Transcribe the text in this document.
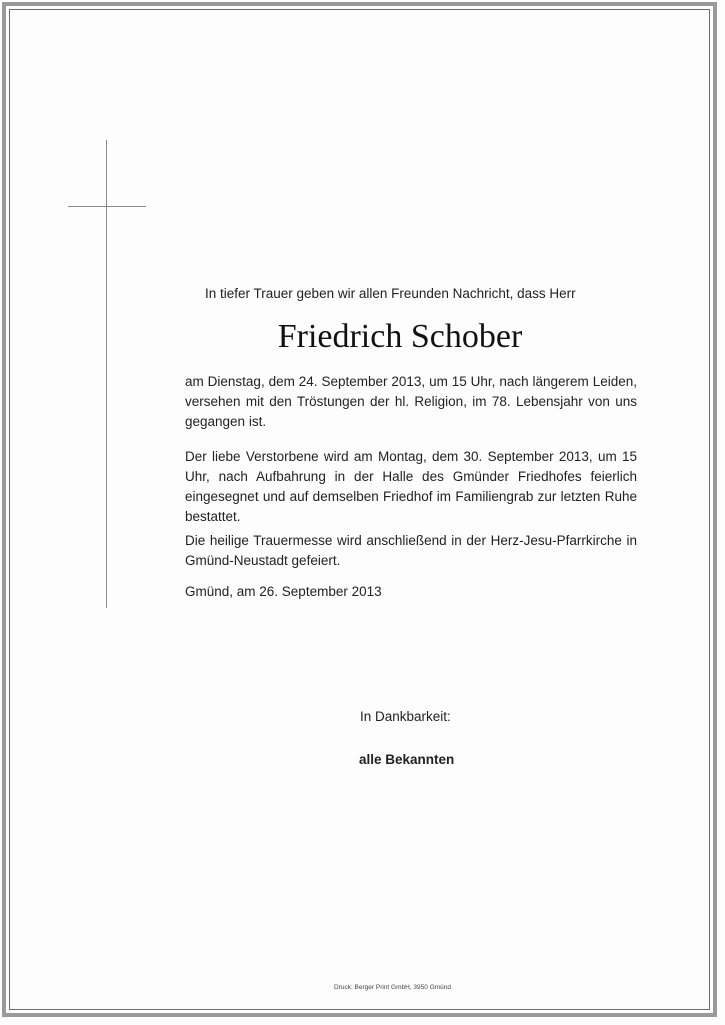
In tiefer Trauer geben wir allen Freunden Nachricht, dass Herr
Friedrich Schober

am Dienstag, dem 24. September 2013, um 15 Uhr, nach längerem Leiden, versehen mit den Tröstungen der hl. Religion, im 78. Lebensjahr von uns gegangen ist.

Der liebe Verstorbene wird am Montag, dem 30. September 2013, um 15 Uhr, nach Aufbahrung in der Halle des Gmünder Friedhofes feierlich eingesegnet und auf demselben Friedhof im Familiengrab zur letzten Ruhe bestattet.

Die heilige Trauermesse wird anschließend in der Herz-Jesu-Pfarrkirche in Gmünd-Neustadt gefeiert.

Gmünd, am 26. September 2013

In Dankbarkeit:
alle Bekannten
Druck: Berger Print GmbH, 3950 Gmünd
